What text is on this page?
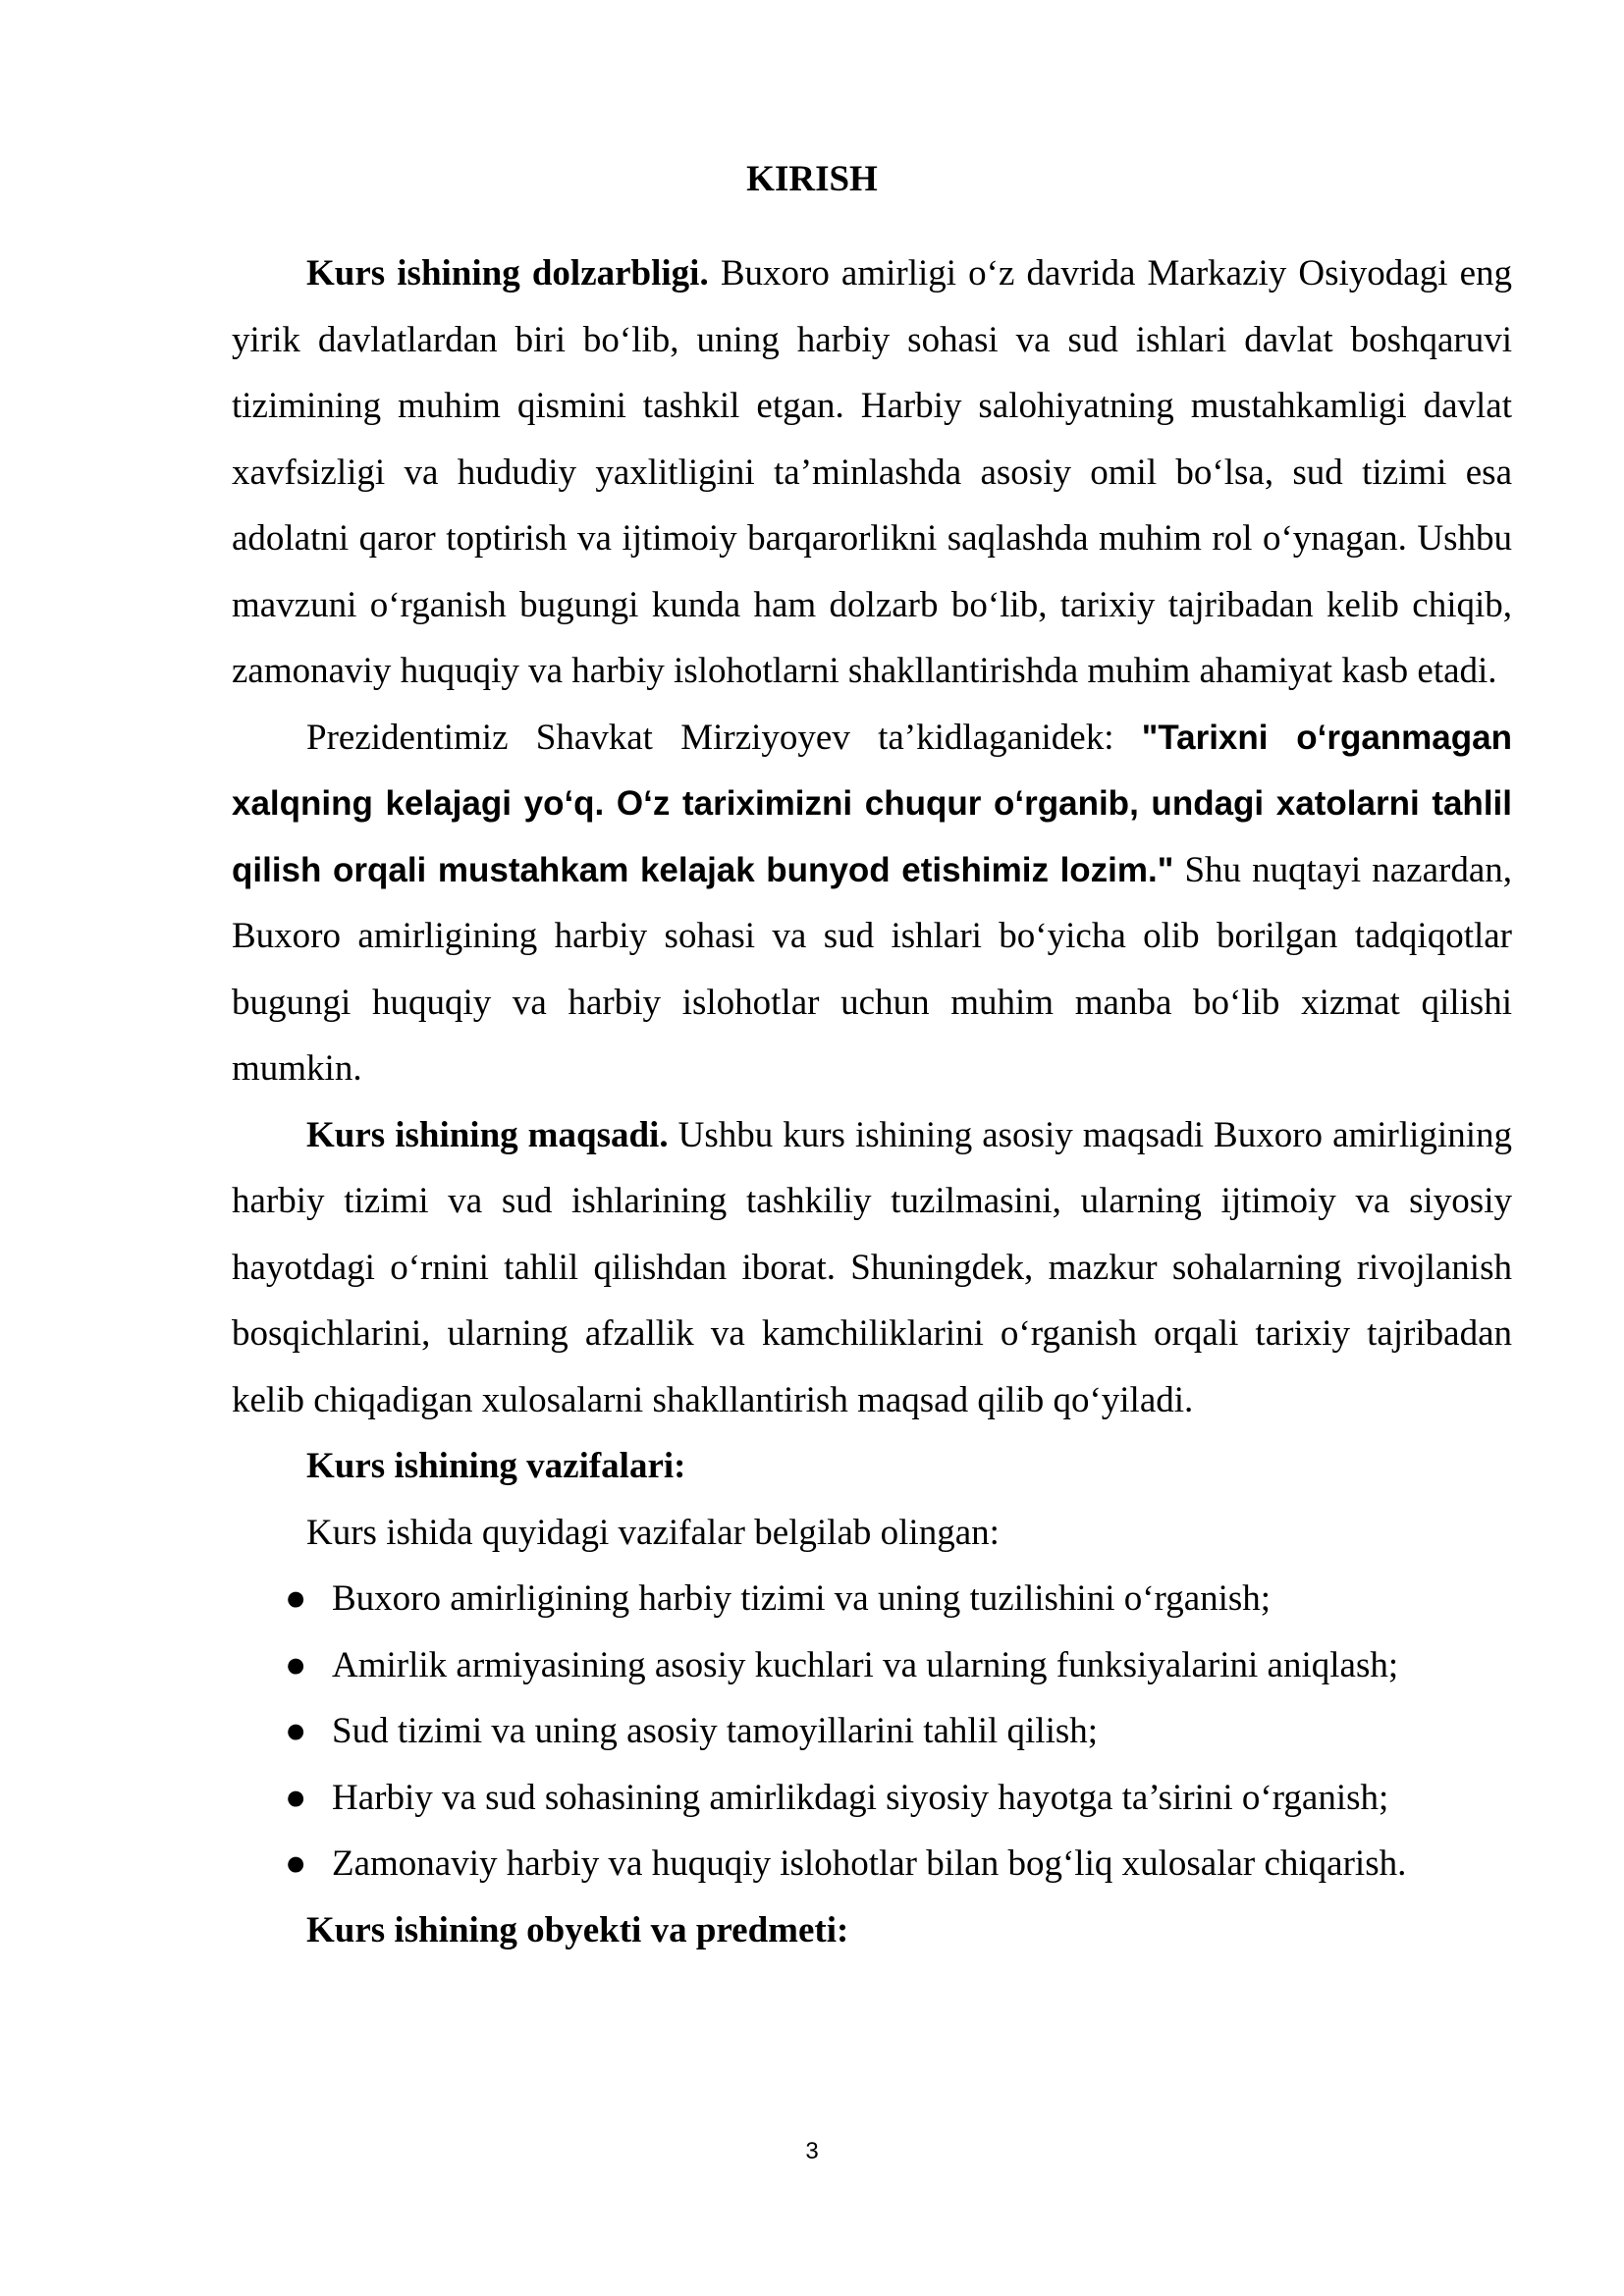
KIRISH

Kurs ishining dolzarbligi. Buxoro amirligi o‘z davrida Markaziy Osiyodagi eng yirik davlatlardan biri bo‘lib, uning harbiy sohasi va sud ishlari davlat boshqaruvi tizimining muhim qismini tashkil etgan. Harbiy salohiyatning mustahkamligi davlat xavfsizligi va hududiy yaxlitligini ta’minlashda asosiy omil bo‘lsa, sud tizimi esa adolatni qaror toptirish va ijtimoiy barqarorlikni saqlashda muhim rol o‘ynagan. Ushbu mavzuni o‘rganish bugungi kunda ham dolzarb bo‘lib, tarixiy tajribadan kelib chiqib, zamonaviy huquqiy va harbiy islohotlarni shakllantirishda muhim ahamiyat kasb etadi.

Prezidentimiz Shavkat Mirziyoyev ta’kidlaganidek: "Tarixni o‘rganmagan xalqning kelajagi yo‘q. O‘z tariximizni chuqur o‘rganib, undagi xatolarni tahlil qilish orqali mustahkam kelajak bunyod etishimiz lozim." Shu nuqtayi nazardan, Buxoro amirligining harbiy sohasi va sud ishlari bo‘yicha olib borilgan tadqiqotlar bugungi huquqiy va harbiy islohotlar uchun muhim manba bo‘lib xizmat qilishi mumkin.

Kurs ishining maqsadi. Ushbu kurs ishining asosiy maqsadi Buxoro amirligining harbiy tizimi va sud ishlarining tashkiliy tuzilmasini, ularning ijtimoiy va siyosiy hayotdagi o‘rnini tahlil qilishdan iborat. Shuningdek, mazkur sohalarning rivojlanish bosqichlarini, ularning afzallik va kamchiliklarini o‘rganish orqali tarixiy tajribadan kelib chiqadigan xulosalarni shakllantirish maqsad qilib qo‘yiladi.

Kurs ishining vazifalari:

Kurs ishida quyidagi vazifalar belgilab olingan:

● Buxoro amirligining harbiy tizimi va uning tuzilishini o‘rganish;
● Amirlik armiyasining asosiy kuchlari va ularning funksiyalarini aniqlash;
● Sud tizimi va uning asosiy tamoyillarini tahlil qilish;
● Harbiy va sud sohasining amirlikdagi siyosiy hayotga ta’sirini o‘rganish;
● Zamonaviy harbiy va huquqiy islohotlar bilan bog‘liq xulosalar chiqarish.

Kurs ishining obyekti va predmeti:

3
